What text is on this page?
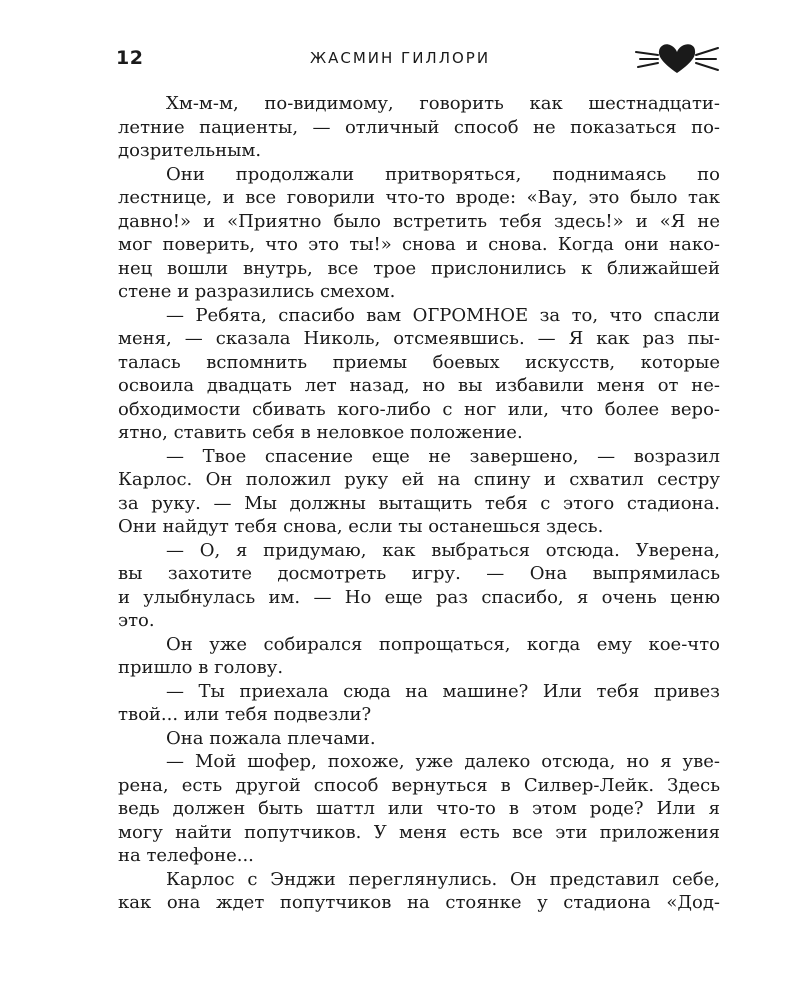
12	ЖАСМИН ГИЛЛОРИ
Хм-м-м, по-видимому, говорить как шестнадцати-
летние пациенты, — отличный способ не показаться по-
дозрительным.
Они продолжали притворяться, поднимаясь по
лестнице, и все говорили что-то вроде: «Вау, это было так
давно!» и «Приятно было встретить тебя здесь!» и «Я не
мог поверить, что это ты!» снова и снова. Когда они нако-
нец вошли внутрь, все трое прислонились к ближайшей
стене и разразились смехом.
— Ребята, спасибо вам ОГРОМНОЕ за то, что спасли
меня, — сказала Николь, отсмеявшись. — Я как раз пы-
талась вспомнить приемы боевых искусств, которые
освоила двадцать лет назад, но вы избавили меня от не-
обходимости сбивать кого-либо с ног или, что более веро-
ятно, ставить себя в неловкое положение.
— Твое спасение еще не завершено, — возразил
Карлос. Он положил руку ей на спину и схватил сестру
за руку. — Мы должны вытащить тебя с этого стадиона.
Они найдут тебя снова, если ты останешься здесь.
— О, я придумаю, как выбраться отсюда. Уверена,
вы захотите досмотреть игру. — Она выпрямилась
и улыбнулась им. — Но еще раз спасибо, я очень ценю
это.
Он уже собирался попрощаться, когда ему кое-что
пришло в голову.
— Ты приехала сюда на машине? Или тебя привез
твой... или тебя подвезли?
Она пожала плечами.
— Мой шофер, похоже, уже далеко отсюда, но я уве-
рена, есть другой способ вернуться в Силвер-Лейк. Здесь
ведь должен быть шаттл или что-то в этом роде? Или я
могу найти попутчиков. У меня есть все эти приложения
на телефоне...
Карлос с Энджи переглянулись. Он представил себе,
как она ждет попутчиков на стоянке у стадиона «Дод-
